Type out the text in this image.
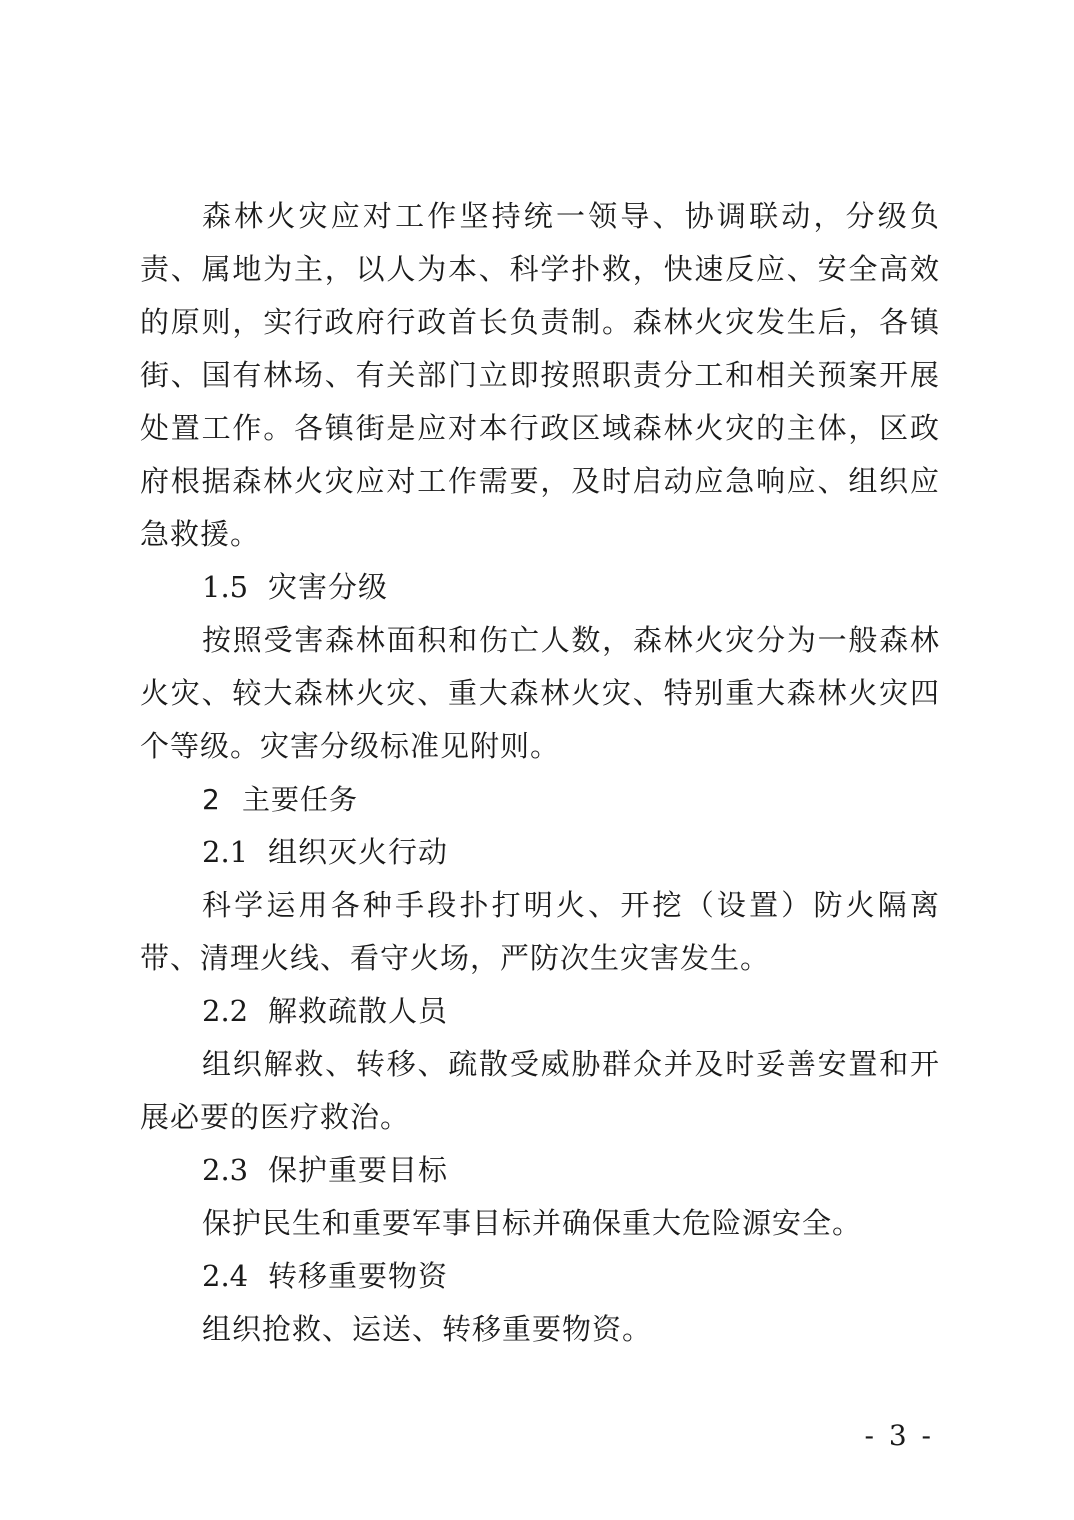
森林火灾应对工作坚持统一领导、协调联动，分级负责、属地为主，以人为本、科学扑救，快速反应、安全高效的原则，实行政府行政首长负责制。森林火灾发生后，各镇街、国有林场、有关部门立即按照职责分工和相关预案开展处置工作。各镇街是应对本行政区域森林火灾的主体，区政府根据森林火灾应对工作需要，及时启动应急响应、组织应急救援。

1.5 灾害分级

按照受害森林面积和伤亡人数，森林火灾分为一般森林火灾、较大森林火灾、重大森林火灾、特别重大森林火灾四个等级。灾害分级标准见附则。

2 主要任务

2.1 组织灭火行动

科学运用各种手段扑打明火、开挖（设置）防火隔离带、清理火线、看守火场，严防次生灾害发生。

2.2 解救疏散人员

组织解救、转移、疏散受威胁群众并及时妥善安置和开展必要的医疗救治。

2.3 保护重要目标

保护民生和重要军事目标并确保重大危险源安全。

2.4 转移重要物资

组织抢救、运送、转移重要物资。

- 3 -
